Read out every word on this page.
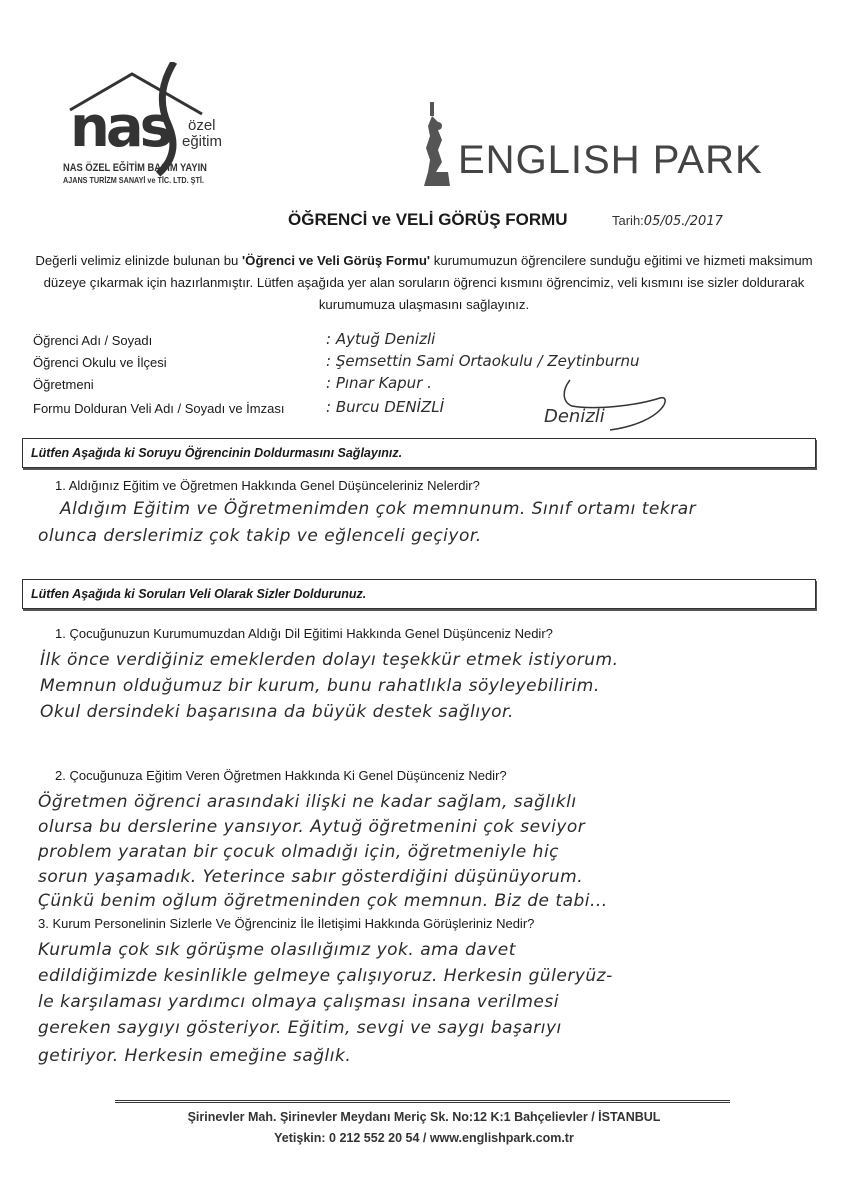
nas	özel
eğitim
NAS ÖZEL EĞİTİM BASIM YAYIN
AJANS TURİZM SANAYİ ve TİC. LTD. ŞTİ.	ENGLISH PARK
ÖĞRENCİ ve VELİ GÖRÜŞ FORMU	Tarih:05/05./2017
Değerli velimiz elinizde bulunan bu 'Öğrenci ve Veli Görüş Formu' kurumumuzun öğrencilere sunduğu eğitimi ve hizmeti maksimum düzeye çıkarmak için hazırlanmıştır. Lütfen aşağıda yer alan soruların öğrenci kısmını öğrencimiz, veli kısmını ise sizler doldurarak kurumumuza ulaşmasını sağlayınız.
Öğrenci Adı / Soyadı	: Aytuğ Denizli
Öğrenci Okulu ve İlçesi	: Şemsettin Sami Ortaokulu / Zeytinburnu
Öğretmeni	: Pınar Kapur .
Formu Dolduran Veli Adı / Soyadı ve İmzası	: Burcu DENİZLİ	Denizli
Lütfen Aşağıda ki Soruyu Öğrencinin Doldurmasını Sağlayınız.
1. Aldığınız Eğitim ve Öğretmen Hakkında Genel Düşünceleriniz Nelerdir?
Aldığım Eğitim ve Öğretmenimden çok memnunum. Sınıf ortamı tekrar
olunca derslerimiz çok takip ve eğlenceli geçiyor.
Lütfen Aşağıda ki Soruları Veli Olarak Sizler Doldurunuz.
1. Çocuğunuzun Kurumumuzdan Aldığı Dil Eğitimi Hakkında Genel Düşünceniz Nedir?
İlk önce verdiğiniz emeklerden dolayı teşekkür etmek istiyorum.
Memnun olduğumuz bir kurum, bunu rahatlıkla söyleyebilirim.
Okul dersindeki başarısına da büyük destek sağlıyor.
2. Çocuğunuza Eğitim Veren Öğretmen Hakkında Ki Genel Düşünceniz Nedir?
Öğretmen öğrenci arasındaki ilişki ne kadar sağlam, sağlıklı
olursa bu derslerine yansıyor. Aytuğ öğretmenini çok seviyor
problem yaratan bir çocuk olmadığı için, öğretmeniyle hiç
sorun yaşamadık. Yeterince sabır gösterdiğini düşünüyorum.
Çünkü benim oğlum öğretmeninden çok memnun. Biz de tabi...
3. Kurum Personelinin Sizlerle Ve Öğrenciniz İle İletişimi Hakkında Görüşleriniz Nedir?
Kurumla çok sık görüşme olasılığımız yok. ama davet
edildiğimizde kesinlikle gelmeye çalışıyoruz. Herkesin güleryüz-
le karşılaması yardımcı olmaya çalışması insana verilmesi
gereken saygıyı gösteriyor. Eğitim, sevgi ve saygı başarıyı
getiriyor. Herkesin emeğine sağlık.
Şirinevler Mah. Şirinevler Meydanı Meriç Sk. No:12 K:1 Bahçelievler / İSTANBUL
Yetişkin: 0 212 552 20 54 / www.englishpark.com.tr
